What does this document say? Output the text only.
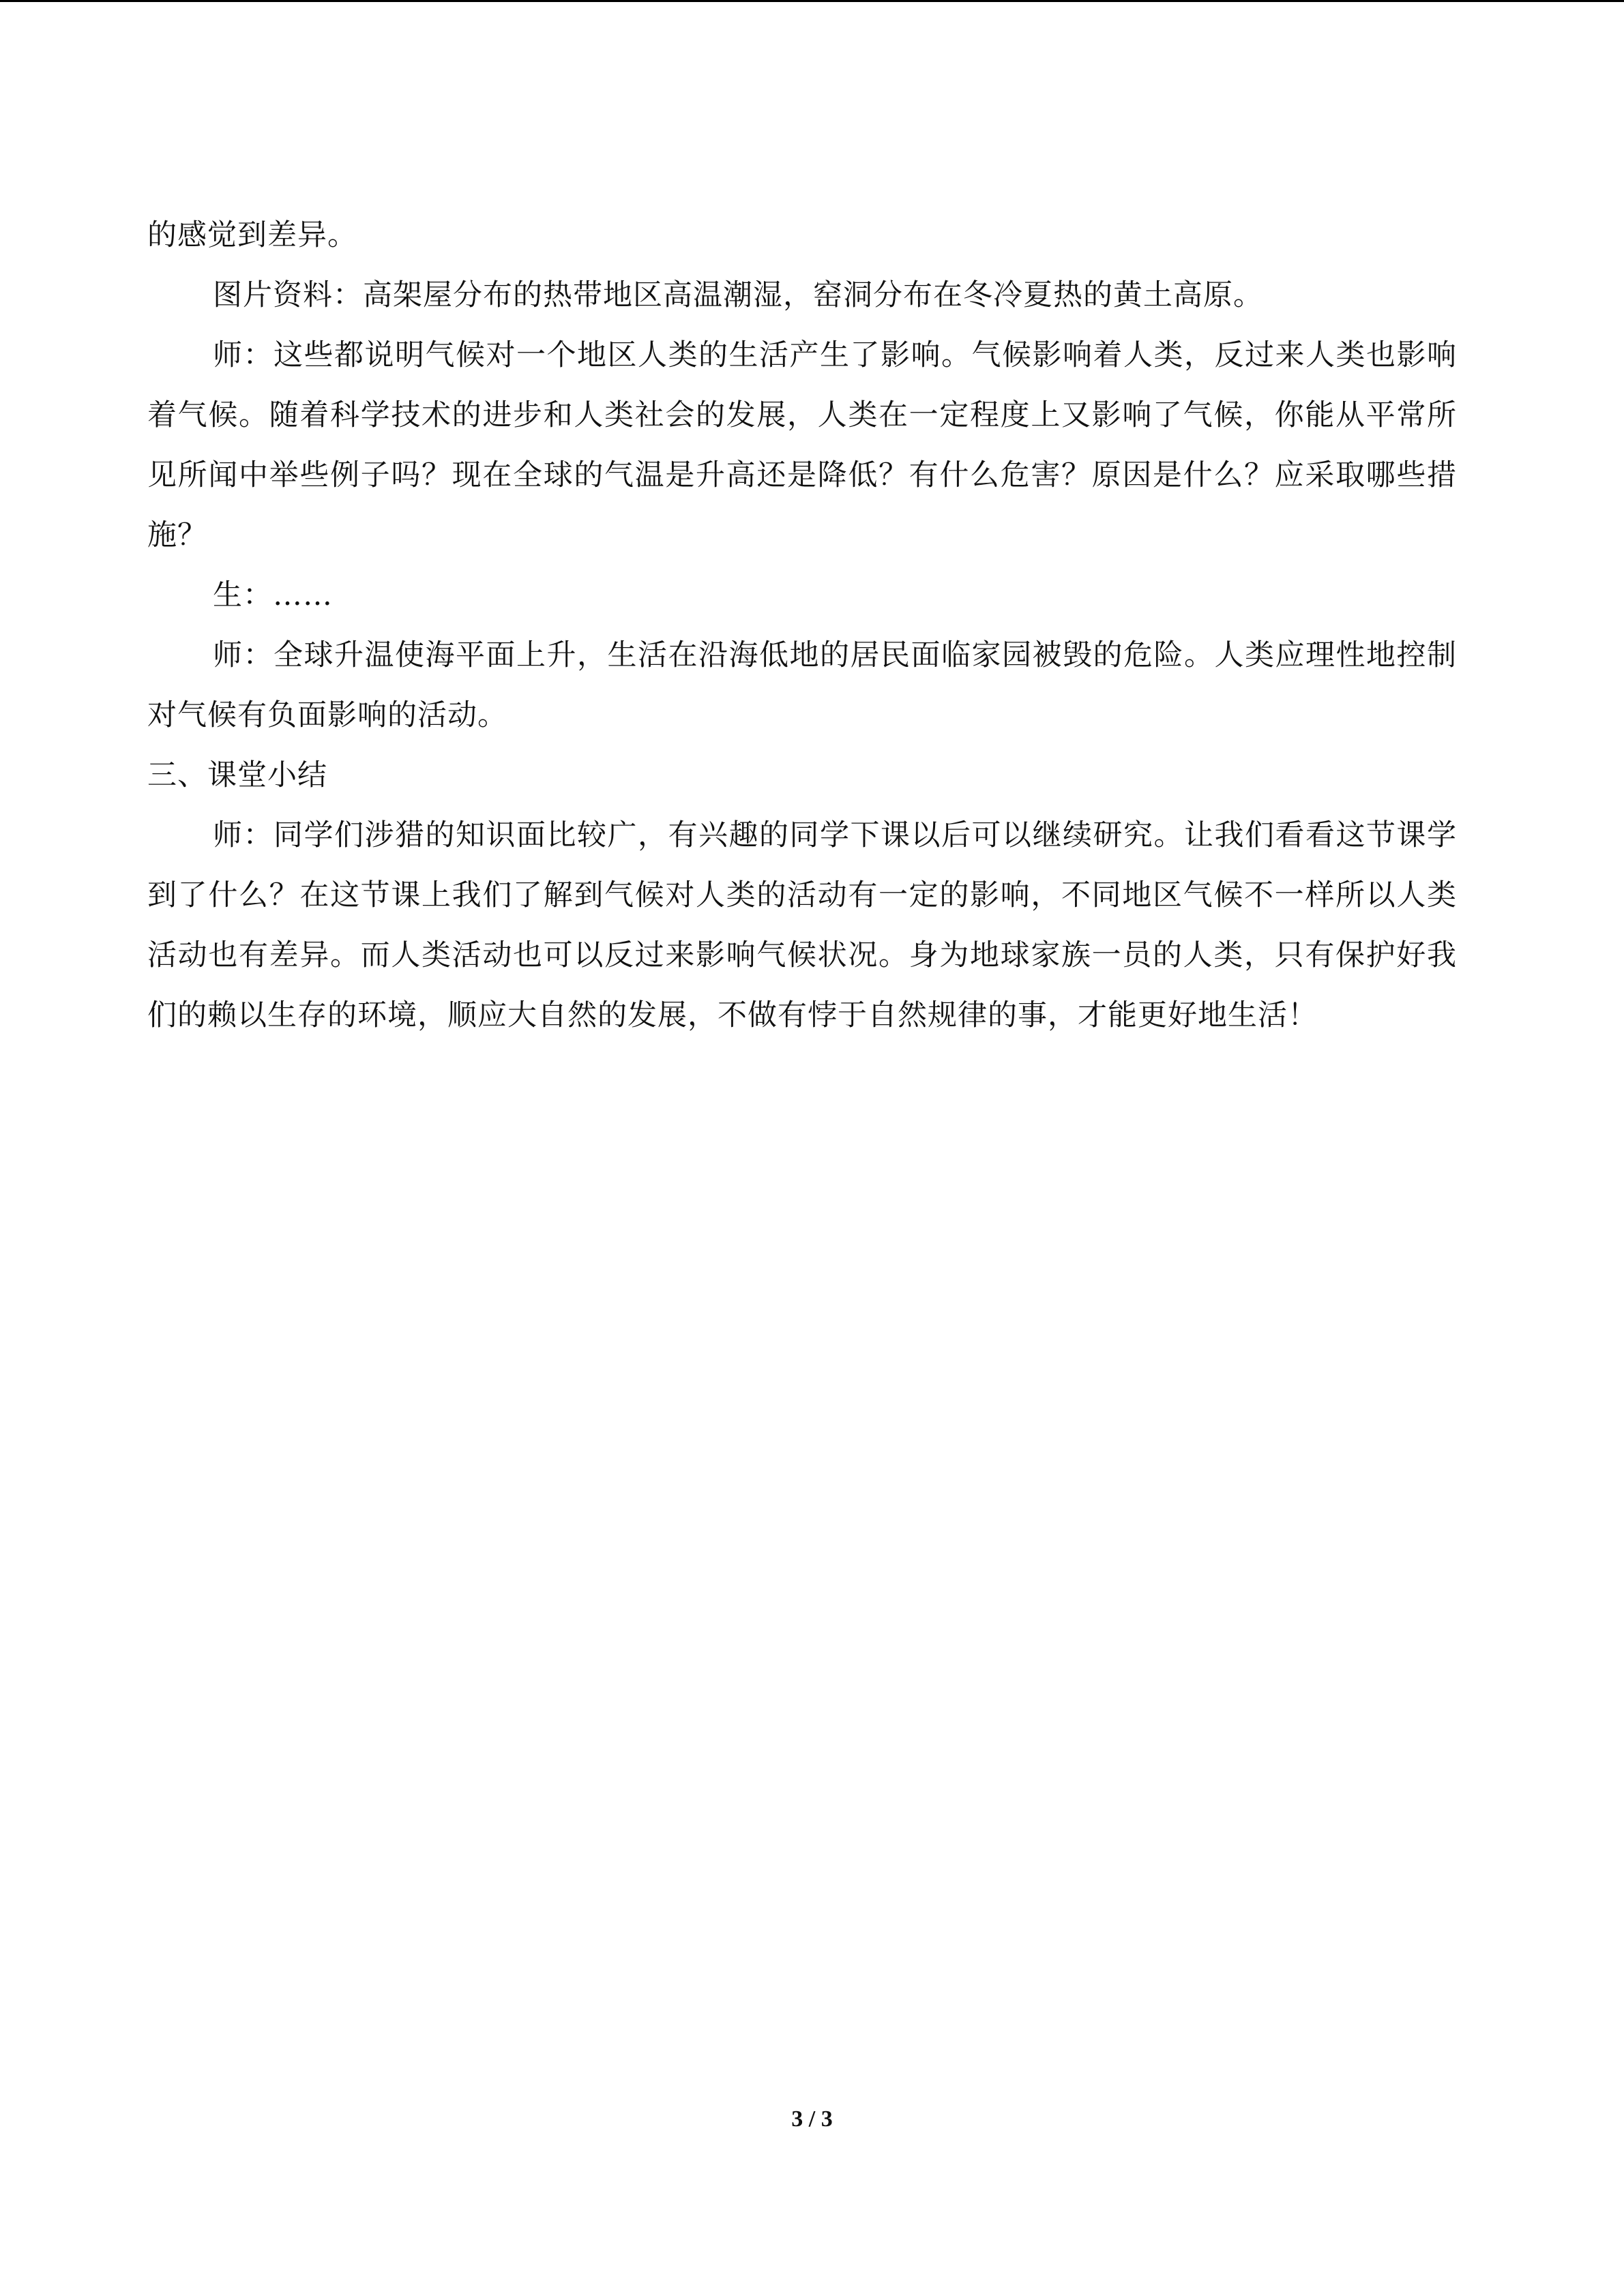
的感觉到差异。

图片资料：高架屋分布的热带地区高温潮湿，窑洞分布在冬冷夏热的黄土高原。

师：这些都说明气候对一个地区人类的生活产生了影响。气候影响着人类，反过来人类也影响着气候。随着科学技术的进步和人类社会的发展，人类在一定程度上又影响了气候，你能从平常所见所闻中举些例子吗？现在全球的气温是升高还是降低？有什么危害？原因是什么？应采取哪些措施？

生：……

师：全球升温使海平面上升，生活在沿海低地的居民面临家园被毁的危险。人类应理性地控制对气候有负面影响的活动。

三、课堂小结

师：同学们涉猎的知识面比较广，有兴趣的同学下课以后可以继续研究。让我们看看这节课学到了什么？在这节课上我们了解到气候对人类的活动有一定的影响，不同地区气候不一样所以人类活动也有差异。而人类活动也可以反过来影响气候状况。身为地球家族一员的人类，只有保护好我们的赖以生存的环境，顺应大自然的发展，不做有悖于自然规律的事，才能更好地生活！

3 / 3
